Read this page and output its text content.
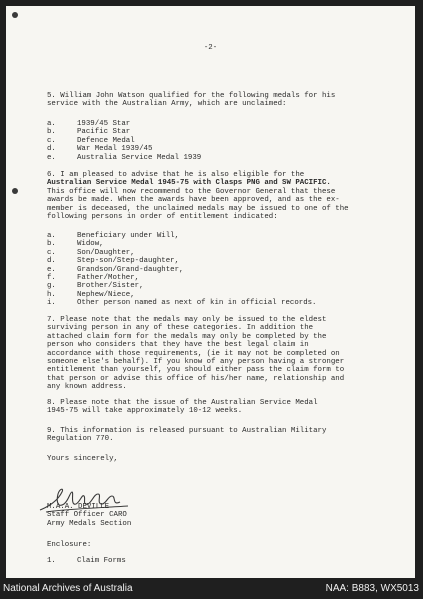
-2-
5. William John Watson qualified for the following medals for his
service with the Australian Army, which are unclaimed:
a.	1939/45 Star
b.	Pacific Star
c.	Defence Medal
d.	War Medal 1939/45
e.	Australia Service Medal 1939
6. I am pleased to advise that he is also eligible for the
Australian Service Medal 1945-75 with Clasps PNG and SW PACIFIC.
This office will now recommend to the Governor General that these
awards be made. When the awards have been approved, and as the ex-
member is deceased, the unclaimed medals may be issued to one of the
following persons in order of entitlement indicated:
a.	Beneficiary under Will,
b.	Widow,
c.	Son/Daughter,
d.	Step-son/Step-daughter,
e.	Grandson/Grand-daughter,
f.	Father/Mother,
g.	Brother/Sister,
h.	Nephew/Niece,
i.	Other person named as next of kin in official records.
7. Please note that the medals may only be issued to the eldest
surviving person in any of these categories. In addition the
attached claim form for the medals may only be completed by the
person who considers that they have the best legal claim in
accordance with those requirements, (ie it may not be completed on
someone else's behalf). If you know of any person having a stronger
entitlement than yourself, you should either pass the claim form to
that person or advise this office of his/her name, relationship and
any known address.
8. Please note that the issue of the Australian Service Medal
1945-75 will take approximately 10-12 weeks.
9. This information is released pursuant to Australian Military
Regulation 770.
Yours sincerely,
M.A.A. DEVILLE
Staff Officer CARO
Army Medals Section
Enclosure:
1.	Claim Forms
National Archives of Australia	NAA: B883, WX5013
